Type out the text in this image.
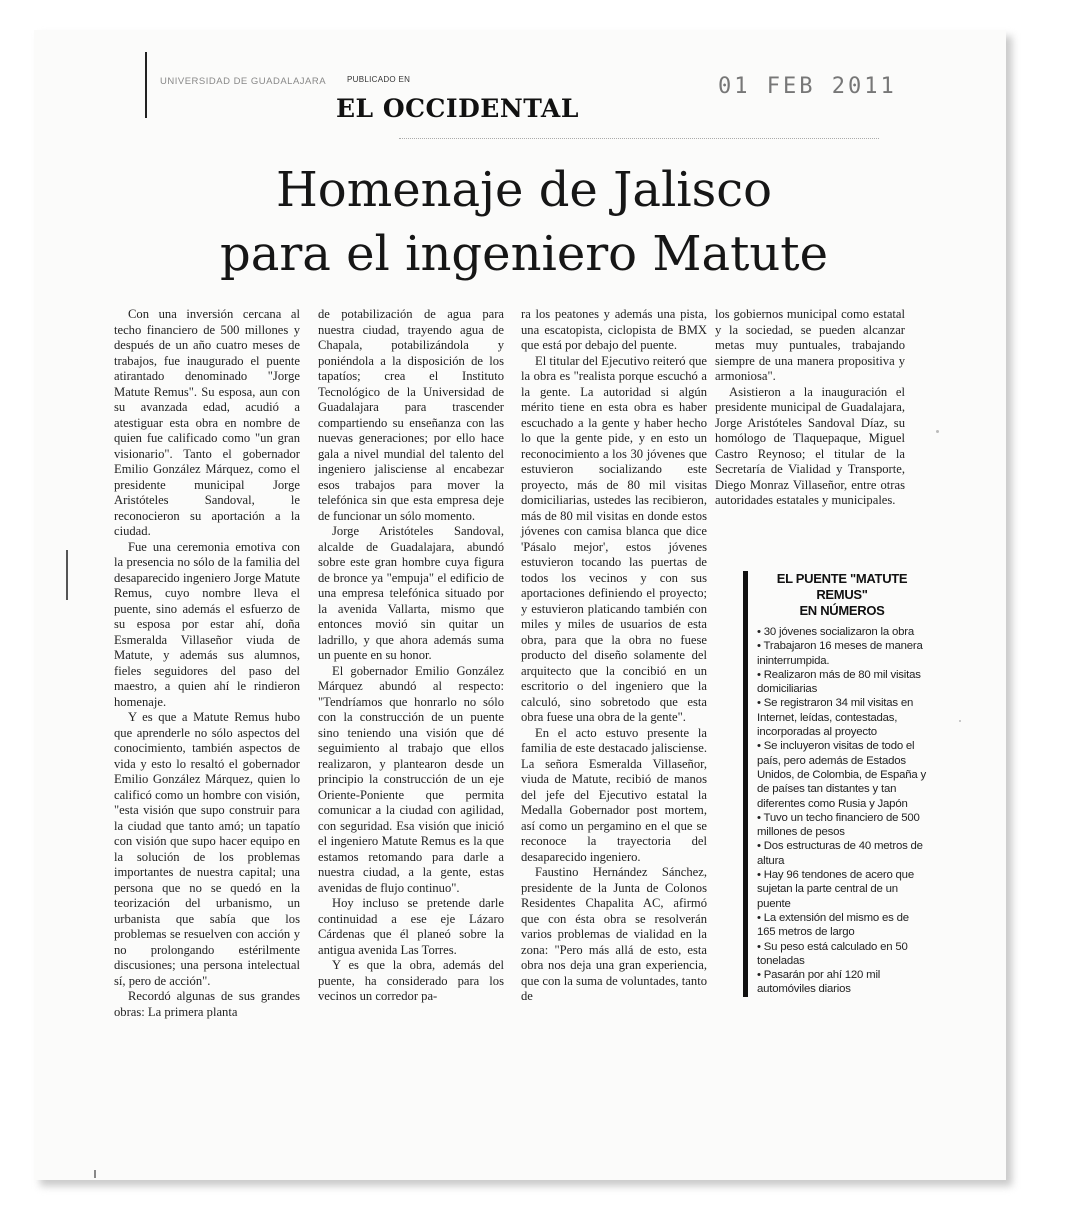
UNIVERSIDAD DE GUADALAJARA	PUBLICADO EN
EL OCCIDENTAL
01 FEB 2011
Homenaje de Jalisco
para el ingeniero Matute

Con una inversión cercana al techo financiero de 500 millones y después de un año cuatro meses de trabajos, fue inaugurado el puente atirantado denominado "Jorge Matute Remus". Su esposa, aun con su avanzada edad, acudió a atestiguar esta obra en nombre de quien fue calificado como "un gran visionario". Tanto el gobernador Emilio González Márquez, como el presidente municipal Jorge Aristóteles Sandoval, le reconocieron su aportación a la ciudad.

Fue una ceremonia emotiva con la presencia no sólo de la familia del desaparecido ingeniero Jorge Matute Remus, cuyo nombre lleva el puente, sino además el esfuerzo de su esposa por estar ahí, doña Esmeralda Villaseñor viuda de Matute, y además sus alumnos, fieles seguidores del paso del maestro, a quien ahí le rindieron homenaje.

Y es que a Matute Remus hubo que aprenderle no sólo aspectos del conocimiento, también aspectos de vida y esto lo resaltó el gobernador Emilio González Márquez, quien lo calificó como un hombre con visión, "esta visión que supo construir para la ciudad que tanto amó; un tapatío con visión que supo hacer equipo en la solución de los problemas importantes de nuestra capital; una persona que no se quedó en la teorización del urbanismo, un urbanista que sabía que los problemas se resuelven con acción y no prolongando estérilmente discusiones; una persona intelectual sí, pero de acción".

Recordó algunas de sus grandes obras: La primera planta

de potabilización de agua para nuestra ciudad, trayendo agua de Chapala, potabilizándola y poniéndola a la disposición de los tapatíos; crea el Instituto Tecnológico de la Universidad de Guadalajara para trascender compartiendo su enseñanza con las nuevas generaciones; por ello hace gala a nivel mundial del talento del ingeniero jalisciense al encabezar esos trabajos para mover la telefónica sin que esta empresa deje de funcionar un sólo momento.

Jorge Aristóteles Sandoval, alcalde de Guadalajara, abundó sobre este gran hombre cuya figura de bronce ya "empuja" el edificio de una empresa telefónica situado por la avenida Vallarta, mismo que entonces movió sin quitar un ladrillo, y que ahora además suma un puente en su honor.

El gobernador Emilio González Márquez abundó al respecto: "Tendríamos que honrarlo no sólo con la construcción de un puente sino teniendo una visión que dé seguimiento al trabajo que ellos realizaron, y plantearon desde un principio la construcción de un eje Oriente-Poniente que permita comunicar a la ciudad con agilidad, con seguridad. Esa visión que inició el ingeniero Matute Remus es la que estamos retomando para darle a nuestra ciudad, a la gente, estas avenidas de flujo continuo".

Hoy incluso se pretende darle continuidad a ese eje Lázaro Cárdenas que él planeó sobre la antigua avenida Las Torres.

Y es que la obra, además del puente, ha considerado para los vecinos un corredor pa-

ra los peatones y además una pista, una escatopista, ciclopista de BMX que está por debajo del puente.

El titular del Ejecutivo reiteró que la obra es "realista porque escuchó a la gente. La autoridad si algún mérito tiene en esta obra es haber escuchado a la gente y haber hecho lo que la gente pide, y en esto un reconocimiento a los 30 jóvenes que estuvieron socializando este proyecto, más de 80 mil visitas domiciliarias, ustedes las recibieron, más de 80 mil visitas en donde estos jóvenes con camisa blanca que dice 'Pásalo mejor', estos jóvenes estuvieron tocando las puertas de todos los vecinos y con sus aportaciones definiendo el proyecto; y estuvieron platicando también con miles y miles de usuarios de esta obra, para que la obra no fuese producto del diseño solamente del arquitecto que la concibió en un escritorio o del ingeniero que la calculó, sino sobretodo que esta obra fuese una obra de la gente".

En el acto estuvo presente la familia de este destacado jalisciense. La señora Esmeralda Villaseñor, viuda de Matute, recibió de manos del jefe del Ejecutivo estatal la Medalla Gobernador post mortem, así como un pergamino en el que se reconoce la trayectoria del desaparecido ingeniero.

Faustino Hernández Sánchez, presidente de la Junta de Colonos Residentes Chapalita AC, afirmó que con ésta obra se resolverán varios problemas de vialidad en la zona: "Pero más allá de esto, esta obra nos deja una gran experiencia, que con la suma de voluntades, tanto de

los gobiernos municipal como estatal y la sociedad, se pueden alcanzar metas muy puntuales, trabajando siempre de una manera propositiva y armoniosa".

Asistieron a la inauguración el presidente municipal de Guadalajara, Jorge Aristóteles Sandoval Díaz, su homólogo de Tlaquepaque, Miguel Castro Reynoso; el titular de la Secretaría de Vialidad y Transporte, Diego Monraz Villaseñor, entre otras autoridades estatales y municipales.

EL PUENTE "MATUTE REMUS"
EN NÚMEROS
• 30 jóvenes socializaron la obra
• Trabajaron 16 meses de manera ininterrumpida.
• Realizaron más de 80 mil visitas domiciliarias
• Se registraron 34 mil visitas en Internet, leídas, contestadas, incorporadas al proyecto
• Se incluyeron visitas de todo el país, pero además de Estados Unidos, de Colombia, de España y de países tan distantes y tan diferentes como Rusia y Japón
• Tuvo un techo financiero de 500 millones de pesos
• Dos estructuras de 40 metros de altura
• Hay 96 tendones de acero que sujetan la parte central de un puente
• La extensión del mismo es de 165 metros de largo
• Su peso está calculado en 50 toneladas
• Pasarán por ahí 120 mil automóviles diarios
